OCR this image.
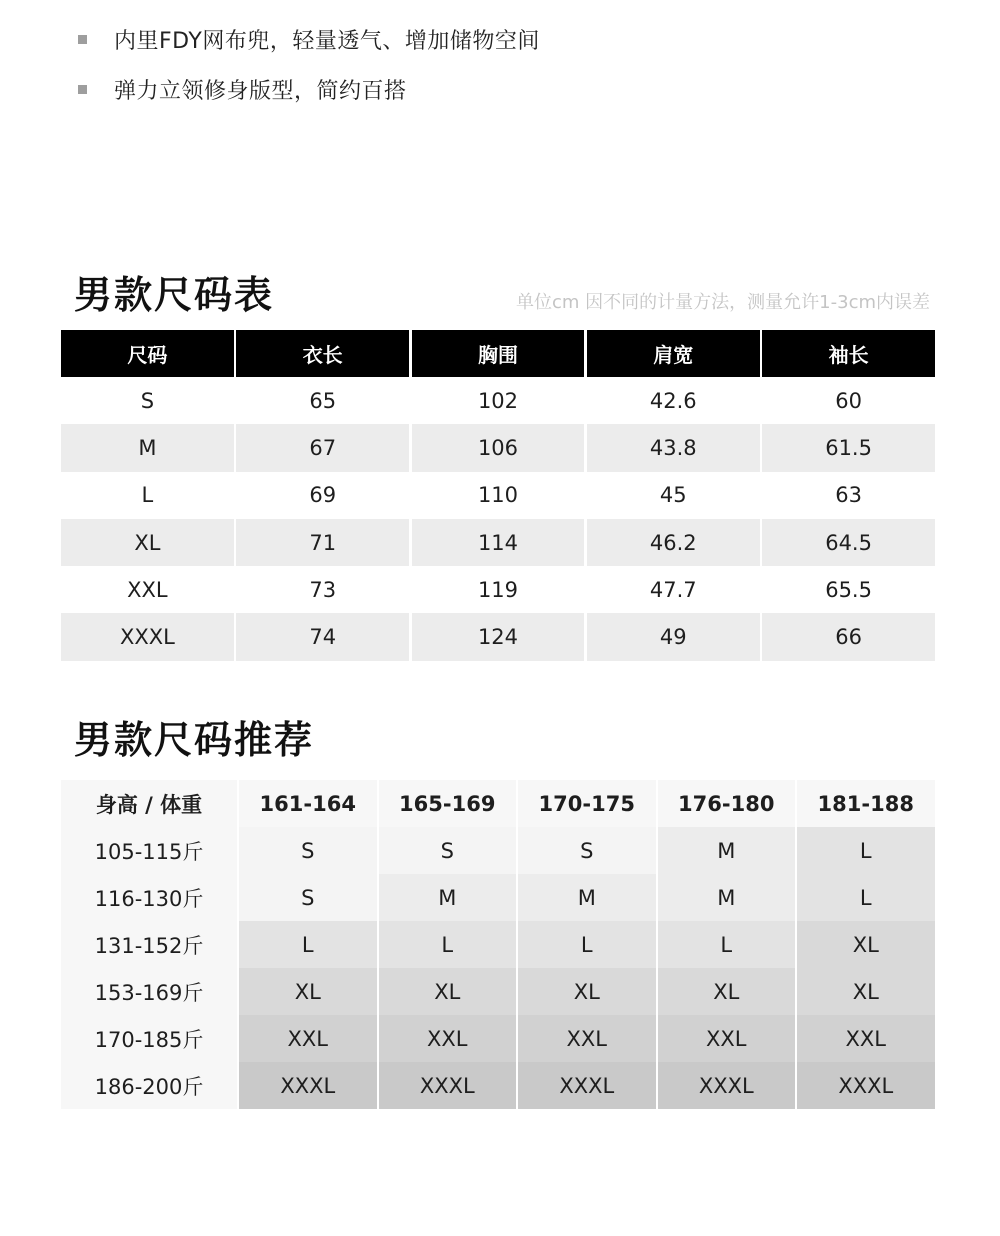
内里FDY网布兜，轻量透气、增加储物空间
弹力立领修身版型，简约百搭
男款尺码表	单位cm 因不同的计量方法，测量允许1-3cm内误差
尺码	衣长	胸围	肩宽	袖长
S	65	102	42.6	60
M	67	106	43.8	61.5
L	69	110	45	63
XL	71	114	46.2	64.5
XXL	73	119	47.7	65.5
XXXL	74	124	49	66
男款尺码推荐
身高 / 体重	161-164	165-169	170-175	176-180	181-188
105-115斤	S	S	S	M	L
116-130斤	S	M	M	M	L
131-152斤	L	L	L	L	XL
153-169斤	XL	XL	XL	XL	XL
170-185斤	XXL	XXL	XXL	XXL	XXL
186-200斤	XXXL	XXXL	XXXL	XXXL	XXXL
